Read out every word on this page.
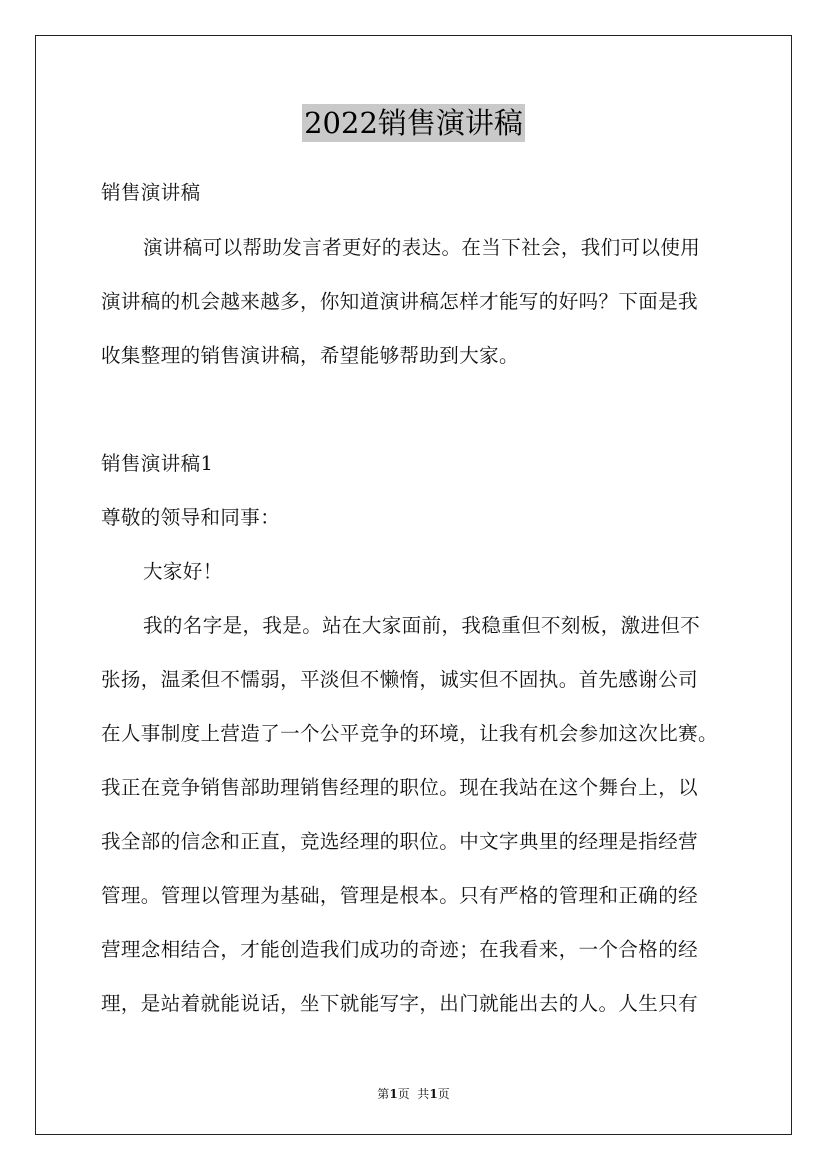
2022销售演讲稿
销售演讲稿
演讲稿可以帮助发言者更好的表达。在当下社会，我们可以使用
演讲稿的机会越来越多，你知道演讲稿怎样才能写的好吗？下面是我
收集整理的销售演讲稿，希望能够帮助到大家。
销售演讲稿1
尊敬的领导和同事：
大家好！
我的名字是，我是。站在大家面前，我稳重但不刻板，激进但不
张扬，温柔但不懦弱，平淡但不懒惰，诚实但不固执。首先感谢公司
在人事制度上营造了一个公平竞争的环境，让我有机会参加这次比赛。
我正在竞争销售部助理销售经理的职位。现在我站在这个舞台上，以
我全部的信念和正直，竞选经理的职位。中文字典里的经理是指经营
管理。管理以管理为基础，管理是根本。只有严格的管理和正确的经
营理念相结合，才能创造我们成功的奇迹；在我看来，一个合格的经
理，是站着就能说话，坐下就能写字，出门就能出去的人。人生只有
第1页  共1页
